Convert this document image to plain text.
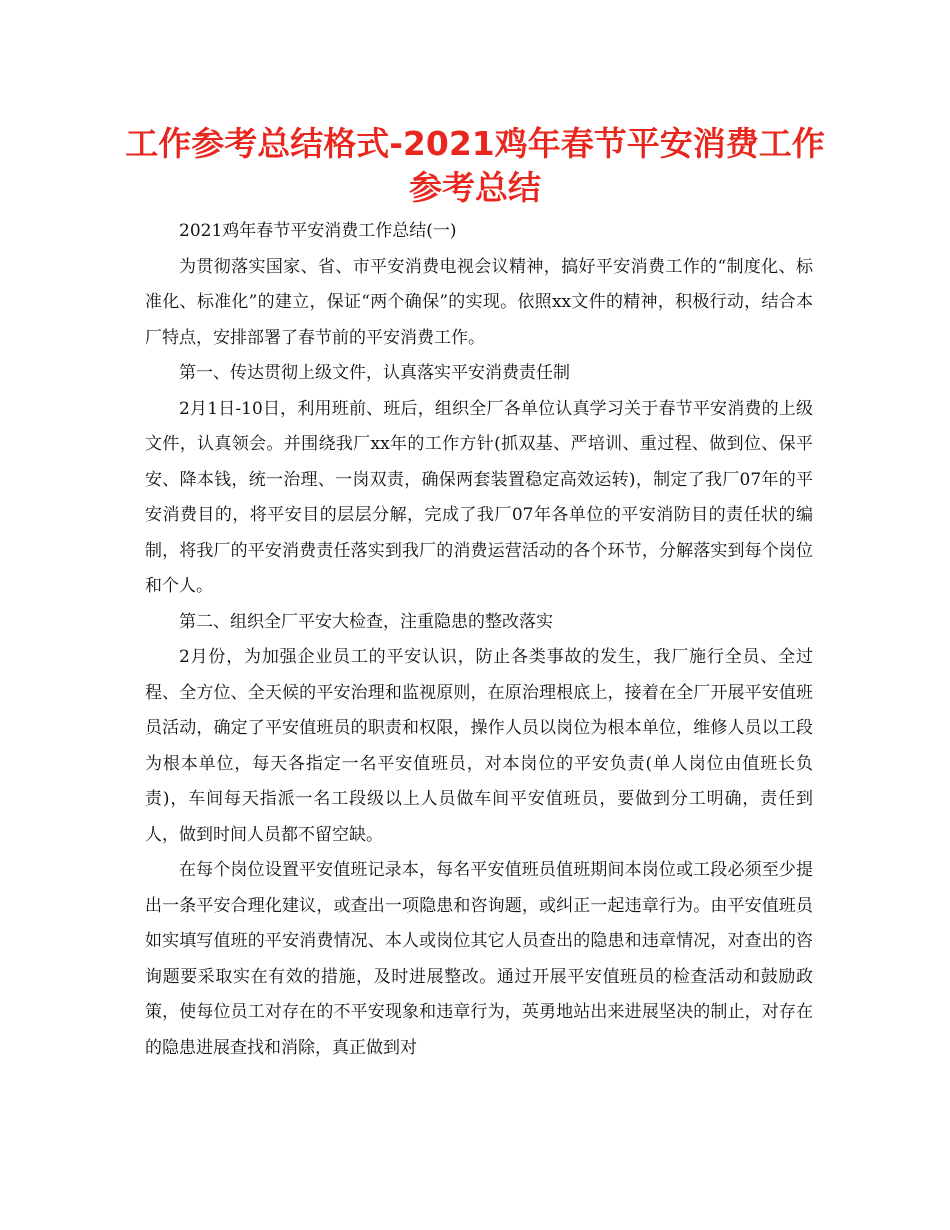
工作参考总结格式-2021鸡年春节平安消费工作
参考总结

2021鸡年春节平安消费工作总结(一)

为贯彻落实国家、省、市平安消费电视会议精神，搞好平安消费工作的“制度化、标准化、标准化”的建立，保证“两个确保”的实现。依照xx文件的精神，积极行动，结合本厂特点，安排部署了春节前的平安消费工作。

第一、传达贯彻上级文件，认真落实平安消费责任制

2月1日-10日，利用班前、班后，组织全厂各单位认真学习关于春节平安消费的上级文件，认真领会。并围绕我厂xx年的工作方针(抓双基、严培训、重过程、做到位、保平安、降本钱，统一治理、一岗双责，确保两套装置稳定高效运转)，制定了我厂07年的平安消费目的，将平安目的层层分解，完成了我厂07年各单位的平安消防目的责任状的编制，将我厂的平安消费责任落实到我厂的消费运营活动的各个环节，分解落实到每个岗位和个人。

第二、组织全厂平安大检查，注重隐患的整改落实

2月份，为加强企业员工的平安认识，防止各类事故的发生，我厂施行全员、全过程、全方位、全天候的平安治理和监视原则，在原治理根底上，接着在全厂开展平安值班员活动，确定了平安值班员的职责和权限，操作人员以岗位为根本单位，维修人员以工段为根本单位，每天各指定一名平安值班员，对本岗位的平安负责(单人岗位由值班长负责)，车间每天指派一名工段级以上人员做车间平安值班员，要做到分工明确，责任到人，做到时间人员都不留空缺。

在每个岗位设置平安值班记录本，每名平安值班员值班期间本岗位或工段必须至少提出一条平安合理化建议，或查出一项隐患和咨询题，或纠正一起违章行为。由平安值班员如实填写值班的平安消费情况、本人或岗位其它人员查出的隐患和违章情况，对查出的咨询题要采取实在有效的措施，及时进展整改。通过开展平安值班员的检查活动和鼓励政策，使每位员工对存在的不平安现象和违章行为，英勇地站出来进展坚决的制止，对存在的隐患进展查找和消除，真正做到对
